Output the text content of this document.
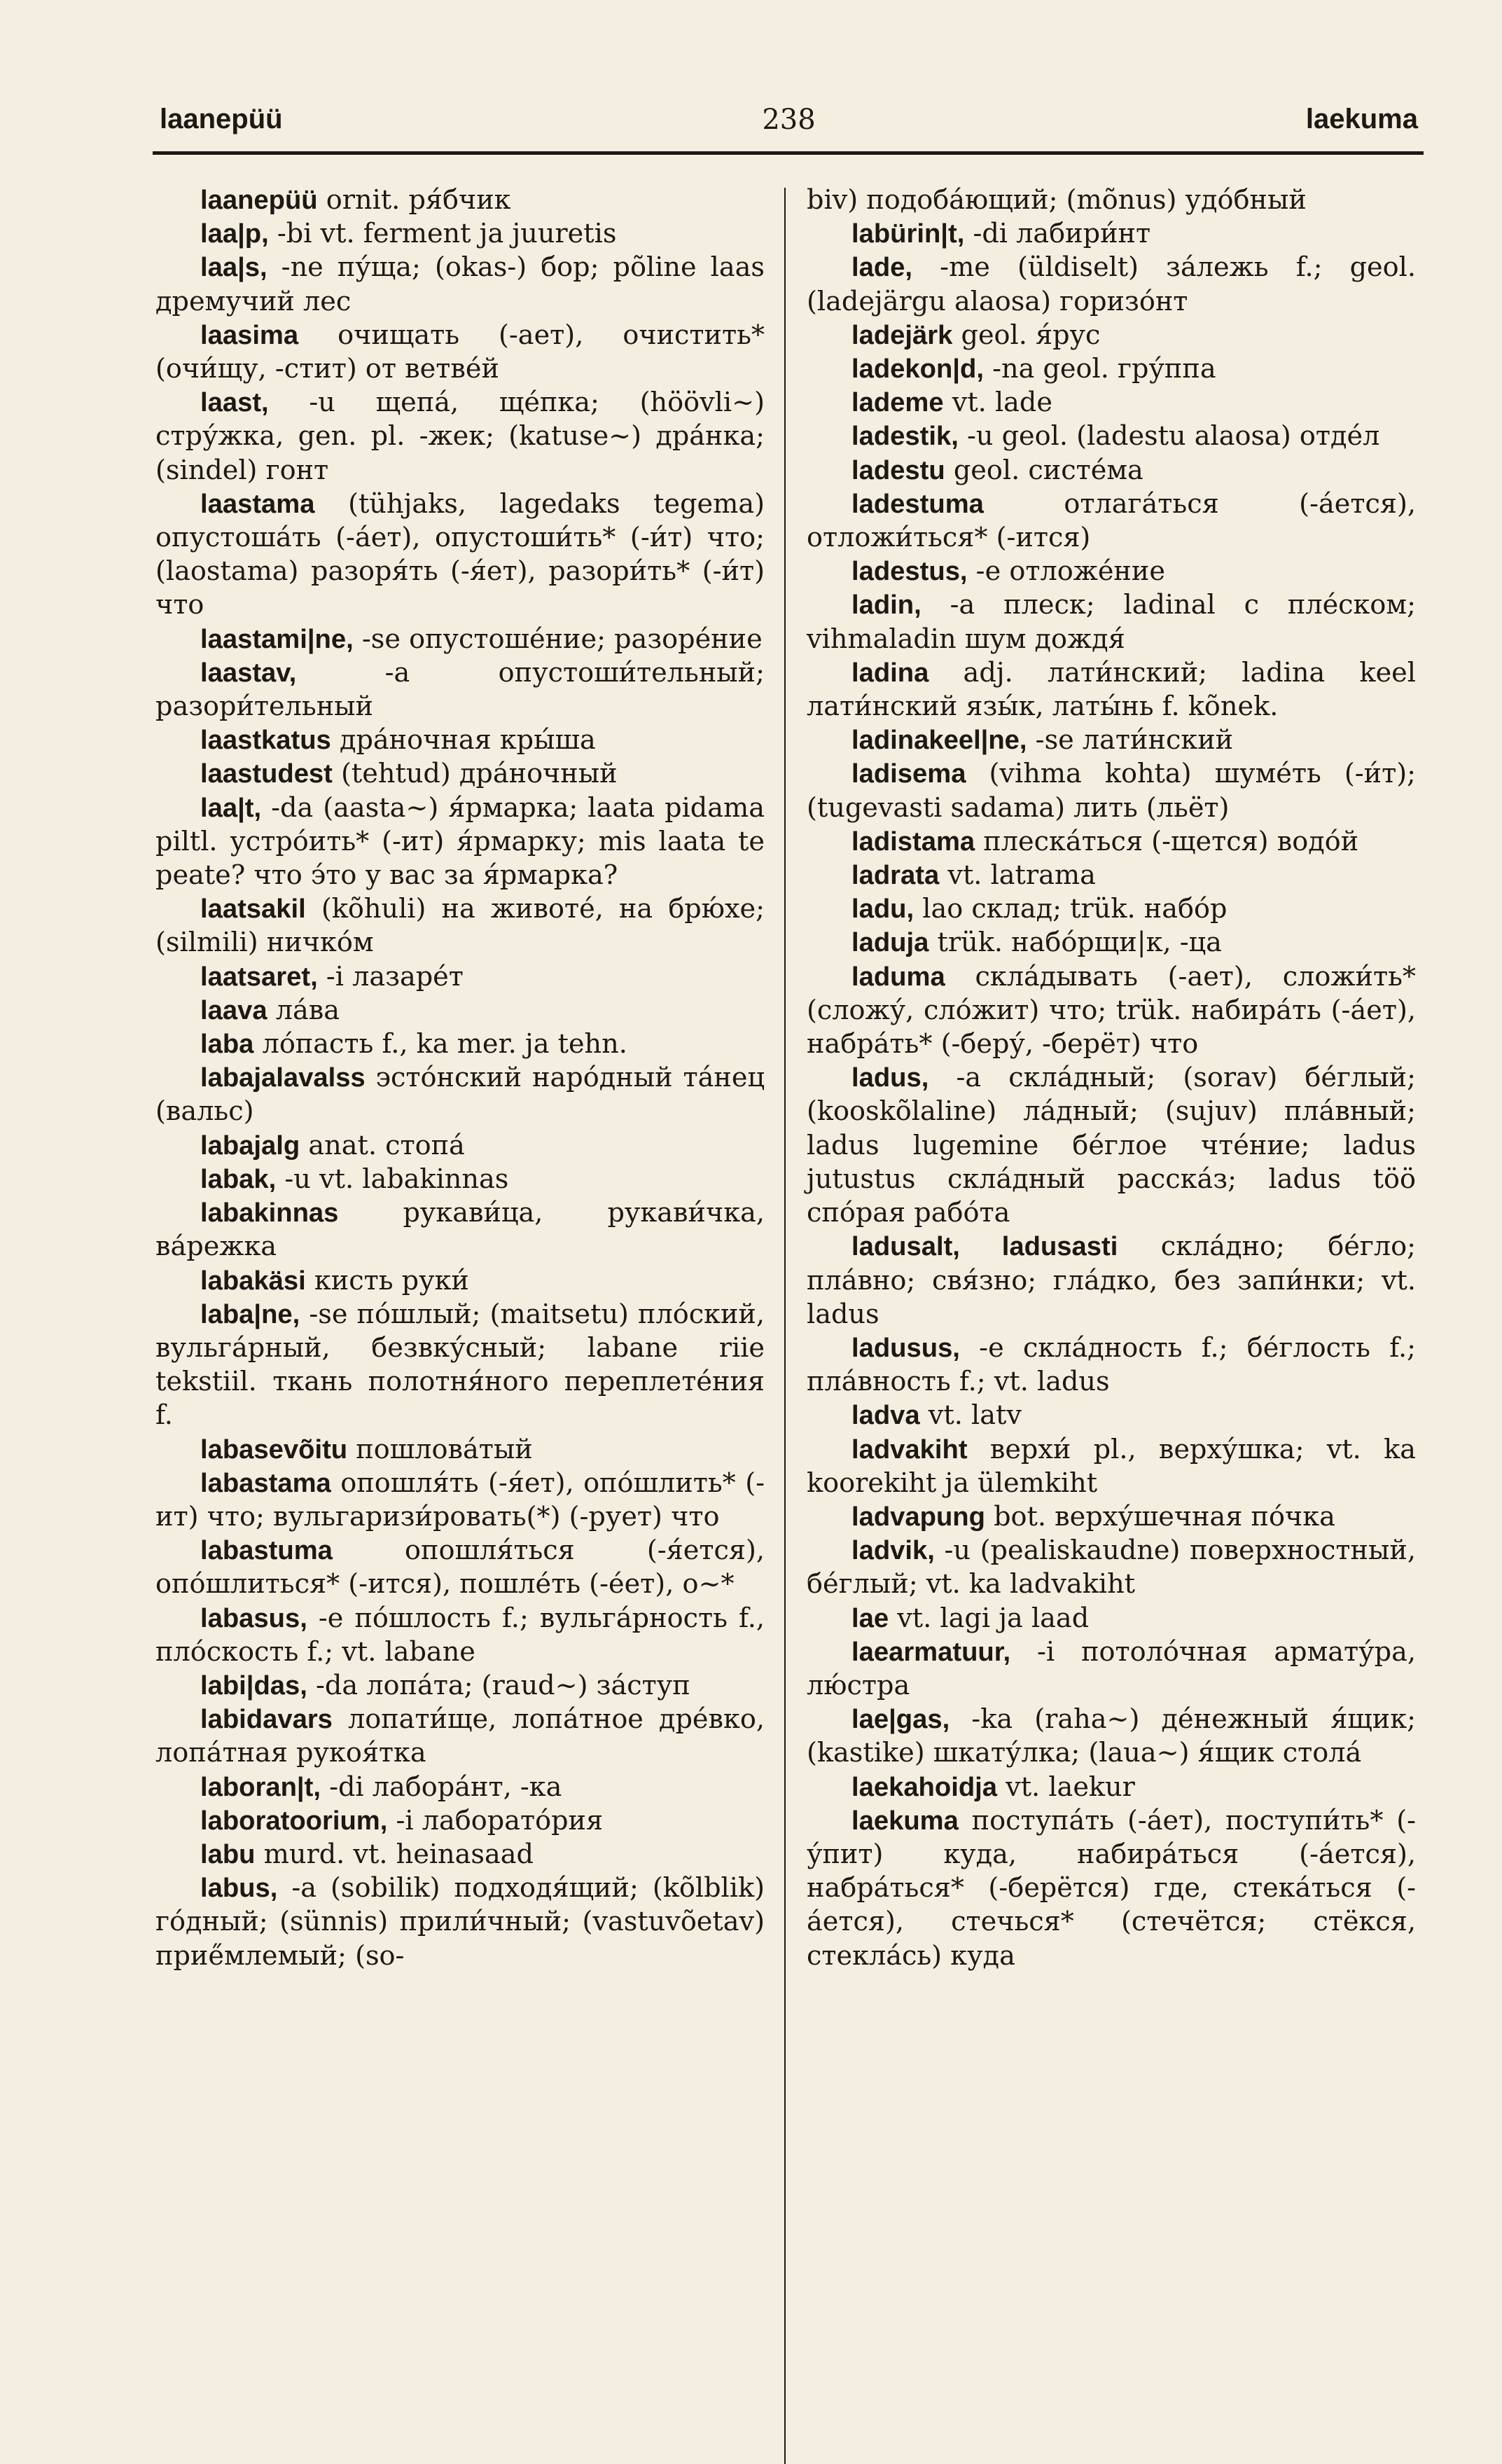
laanepüü	238	laekuma

laanepüü ornit. ря́бчик

laa|p, -bi vt. ferment ja juuretis

laa|s, -ne пу́ща; (okas-) бор; põline laas дремучий лес

laasima очищать (-ает), очистить* (очи́щу, -стит) от ветве́й

laast, -u щепа́, ще́пка; (höövli~) стру́жка, gen. pl. -жек; (katuse~) дра́нка; (sindel) гонт

laastama (tühjaks, lagedaks tegema) опустоша́ть (-а́ет), опустоши́ть* (-и́т) что; (laostama) разоря́ть (-я́ет), разори́ть* (-и́т) что

laastami|ne, -se опустоше́ние; разоре́ние

laastav, -a опустоши́тельный; разори́тельный

laastkatus дра́ночная кры́ша

laastudest (tehtud) дра́ночный

laa|t, -da (aasta~) я́рмарка; laata pidama piltl. устро́ить* (-ит) я́рмарку; mis laata te peate? что э́то у вас за я́рмарка?

laatsakil (kõhuli) на животе́, на брю́хе; (silmili) ничко́м

laatsaret, -i лазаре́т

laava ла́ва

laba ло́пасть f., ka mer. ja tehn.

labajalavalss эсто́нский наро́дный та́нец (вальс)

labajalg anat. стопа́

labak, -u vt. labakinnas

labakinnas рукави́ца, рукави́чка, ва́режка

labakäsi кисть руки́

laba|ne, -se по́шлый; (maitsetu) пло́ский, вульга́рный, безвку́сный; labane riie tekstiil. ткань полотня́ного переплете́ния f.

labasevõitu пошлова́тый

labastama опошля́ть (-я́ет), опо́шлить* (-ит) что; вульгаризи́ровать(*) (-рует) что

labastuma опошля́ться (-я́ется), опо́шлиться* (-ится), пошле́ть (-е́ет), о~*

labasus, -e по́шлость f.; вульга́рность f., пло́скость f.; vt. labane

labi|das, -da лопа́та; (raud~) за́ступ

labidavars лопати́ще, лопа́тное дре́вко, лопа́тная рукоя́тка

laboran|t, -di лабора́нт, -ка

laboratoorium, -i лаборато́рия

labu murd. vt. heinasaad

labus, -a (sobilik) подходя́щий; (kõlblik) го́дный; (sünnis) прили́чный; (vastuvõetav) приe̋млемый; (so-

biv) подоба́ющий; (mõnus) удо́бный

labürin|t, -di лабири́нт

lade, -me (üldiselt) за́лежь f.; geol. (ladejärgu alaosa) горизо́нт

ladejärk geol. я́рус

ladekon|d, -na geol. гру́ппа

lademe vt. lade

ladestik, -u geol. (ladestu alaosa) отде́л

ladestu geol. систе́ма

ladestuma отлага́ться (-а́ется), отложи́ться* (-ится)

ladestus, -e отложе́ние

ladin, -a плеск; ladinal с пле́ском; vihmaladin шум дождя́

ladina adj. лати́нский; ladina keel лати́нский язы́к, латы́нь f. kõnek.

ladinakeel|ne, -se лати́нский

ladisema (vihma kohta) шуме́ть (-и́т); (tugevasti sadama) лить (льёт)

ladistama плеска́ться (-щется) водо́й

ladrata vt. latrama

ladu, lao склад; trük. набо́р

laduja trük. набо́рщи|к, -ца

laduma скла́дывать (-ает), сложи́ть* (сложу́, сло́жит) что; trük. набира́ть (-а́ет), набра́ть* (-беру́, -берёт) что

ladus, -a скла́дный; (sorav) бе́глый; (kooskõlaline) ла́дный; (sujuv) пла́вный; ladus lugemine бе́глое чте́ние; ladus jutustus скла́дный расска́з; ladus töö спо́рая рабо́та

ladusalt, ladusasti скла́дно; бе́гло; пла́вно; свя́зно; гла́дко, без запи́нки; vt. ladus

ladusus, -e скла́дность f.; бе́глость f.; пла́вность f.; vt. ladus

ladva vt. latv

ladvakiht верхи́ pl., верху́шка; vt. ka koorekiht ja ülemkiht

ladvapung bot. верху́шечная по́чка

ladvik, -u (pealiskaudne) поверхностный, бе́глый; vt. ka ladvakiht

lae vt. lagi ja laad

laearmatuur, -i потоло́чная армату́ра, лю́стра

lae|gas, -ka (raha~) де́нежный я́щик; (kastike) шкату́лка; (laua~) я́щик стола́

laekahoidja vt. laekur

laekuma поступа́ть (-а́ет), поступи́ть* (-у́пит) куда, набира́ться (-а́ется), набра́ться* (-берётся) где, стека́ться (-а́ется), стечься* (стечётся; стёкся, стекла́сь) куда
